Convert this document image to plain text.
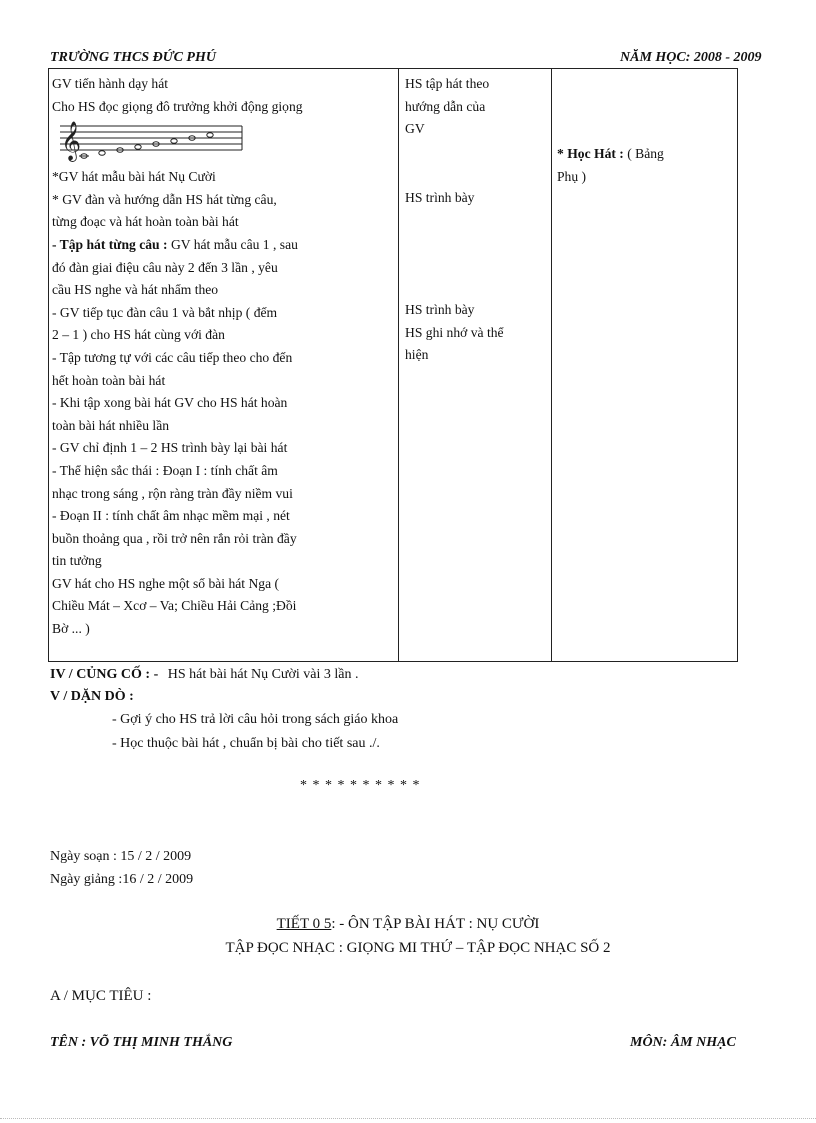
TRƯỜNG THCS ĐỨC PHÚ	NĂM HỌC: 2008 - 2009
GV tiến hành dạy hát
Cho HS đọc giọng đô trưởng khởi động giọng
𝄞
*GV hát mẫu bài hát Nụ Cười
* GV đàn và hướng dẫn HS hát từng câu,
từng đoạc và hát hoàn toàn bài hát
- Tập hát từng câu : GV hát mẫu câu 1 , sau
đó đàn giai điệu câu này 2 đến 3 lần , yêu
cầu HS nghe và hát nhẩm theo
- GV tiếp tục đàn câu 1 và bắt nhịp ( đếm
2 – 1 ) cho HS hát cùng với đàn
- Tập tương tự với các câu tiếp theo cho đến
hết hoàn toàn bài hát
- Khi tập xong bài hát GV cho HS hát hoàn
toàn bài hát nhiều lần
- GV chỉ định 1 – 2 HS trình bày lại bài hát
- Thể hiện sắc thái : Đoạn I : tính chất âm
nhạc trong sáng , rộn ràng tràn đầy niềm vui
- Đoạn II : tính chất âm nhạc mềm mại , nét
buồn thoảng qua , rồi trở nên rắn rỏi tràn đầy
tin tưởng
GV hát cho HS nghe một số bài hát Nga (
Chiều Mát – Xcơ – Va; Chiều Hải Cảng ;Đồi
Bờ ... )
HS tập hát theo
hướng dẫn của
GV
HS trình bày
HS trình bày
HS ghi nhớ và thể
hiện
* Học Hát : ( Bảng
Phụ )
IV / CỦNG CỐ : - HS hát bài hát Nụ Cười vài 3 lần .
V / DẶN DÒ :
- Gợi ý cho HS trả lời câu hỏi trong sách giáo khoa
- Học thuộc bài hát , chuẩn bị bài cho tiết sau ./.
* * * * * * * * * *
Ngày soạn : 15 / 2 / 2009
Ngày giảng :16 / 2 / 2009
TIẾT 0 5: - ÔN TẬP BÀI HÁT : NỤ CƯỜI
TẬP ĐỌC NHẠC : GIỌNG MI THỨ – TẬP ĐỌC NHẠC SỐ 2
A / MỤC TIÊU :
TÊN : VÕ THỊ MINH THẮNG	MÔN: ÂM NHẠC
